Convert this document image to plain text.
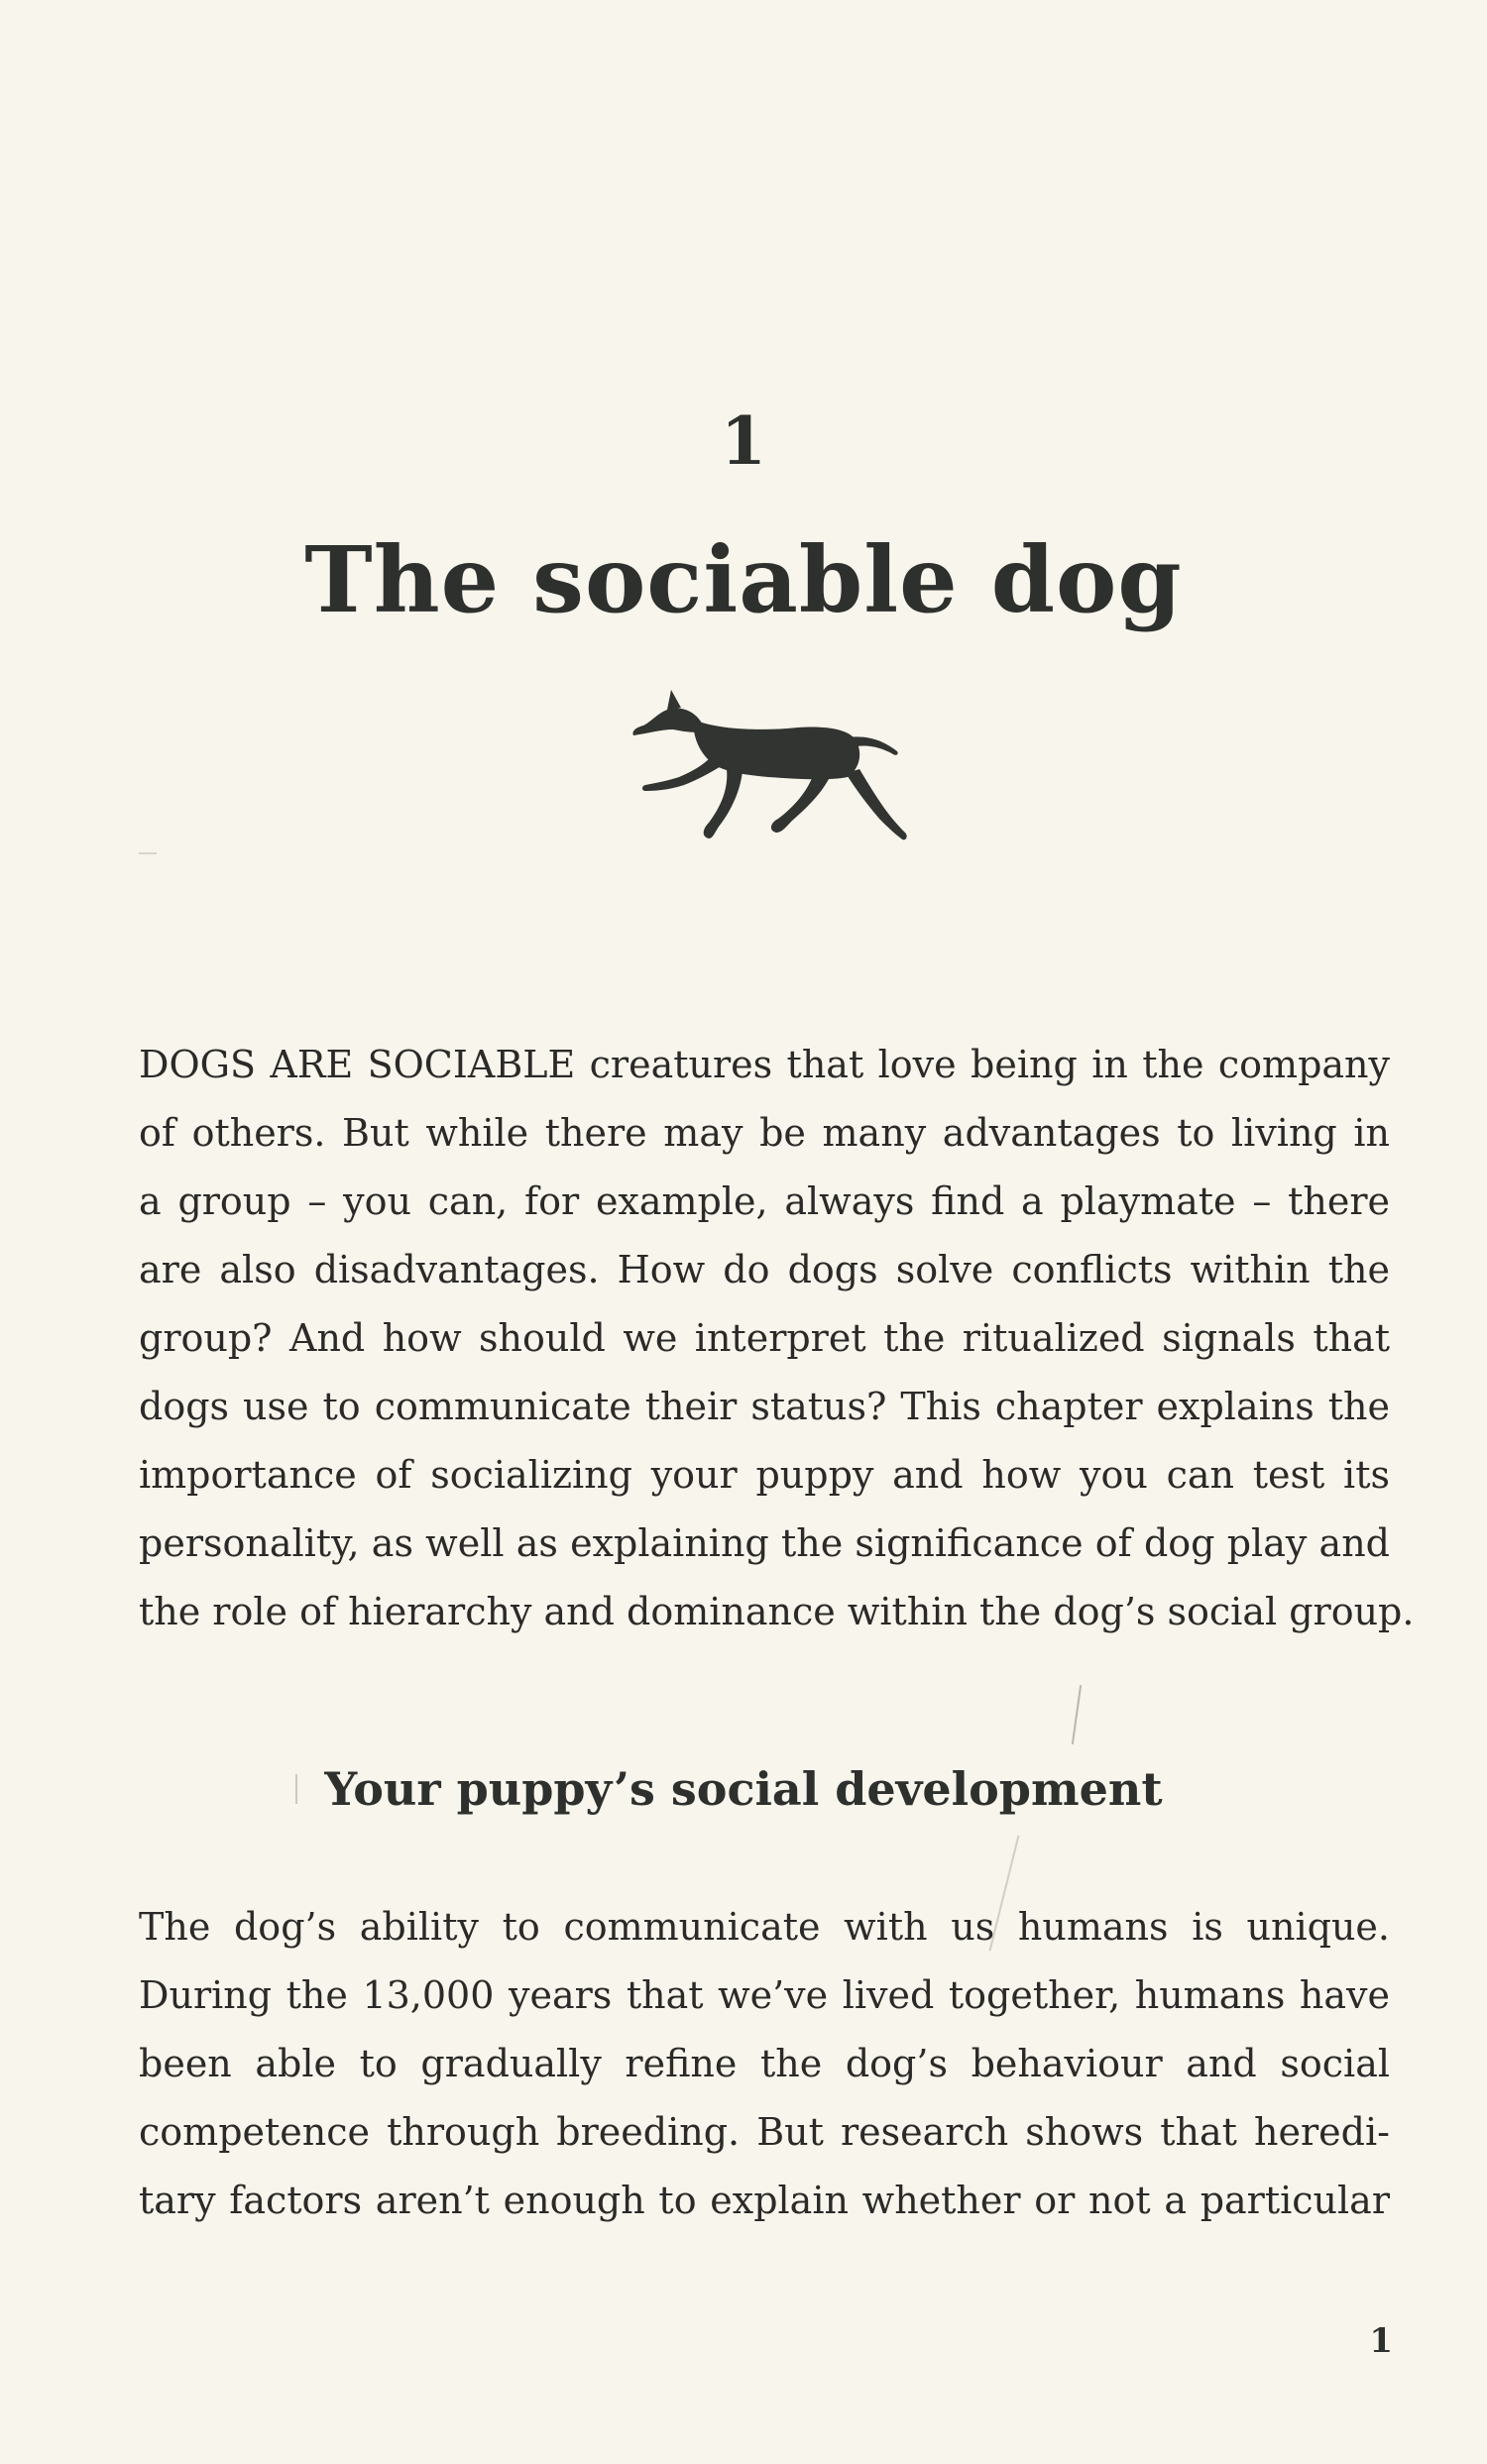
1
The sociable dog
DOGS ARE SOCIABLE creatures that love being in the company
of others. But while there may be many advantages to living in
a group – you can, for example, always find a playmate – there
are also disadvantages. How do dogs solve conflicts within the
group? And how should we interpret the ritualized signals that
dogs use to communicate their status? This chapter explains the
importance of socializing your puppy and how you can test its
personality, as well as explaining the significance of dog play and
the role of hierarchy and dominance within the dog’s social group.
Your puppy’s social development
The dog’s ability to communicate with us humans is unique.
During the 13,000 years that we’ve lived together, humans have
been able to gradually refine the dog’s behaviour and social
competence through breeding. But research shows that heredi-
tary factors aren’t enough to explain whether or not a particular
1
